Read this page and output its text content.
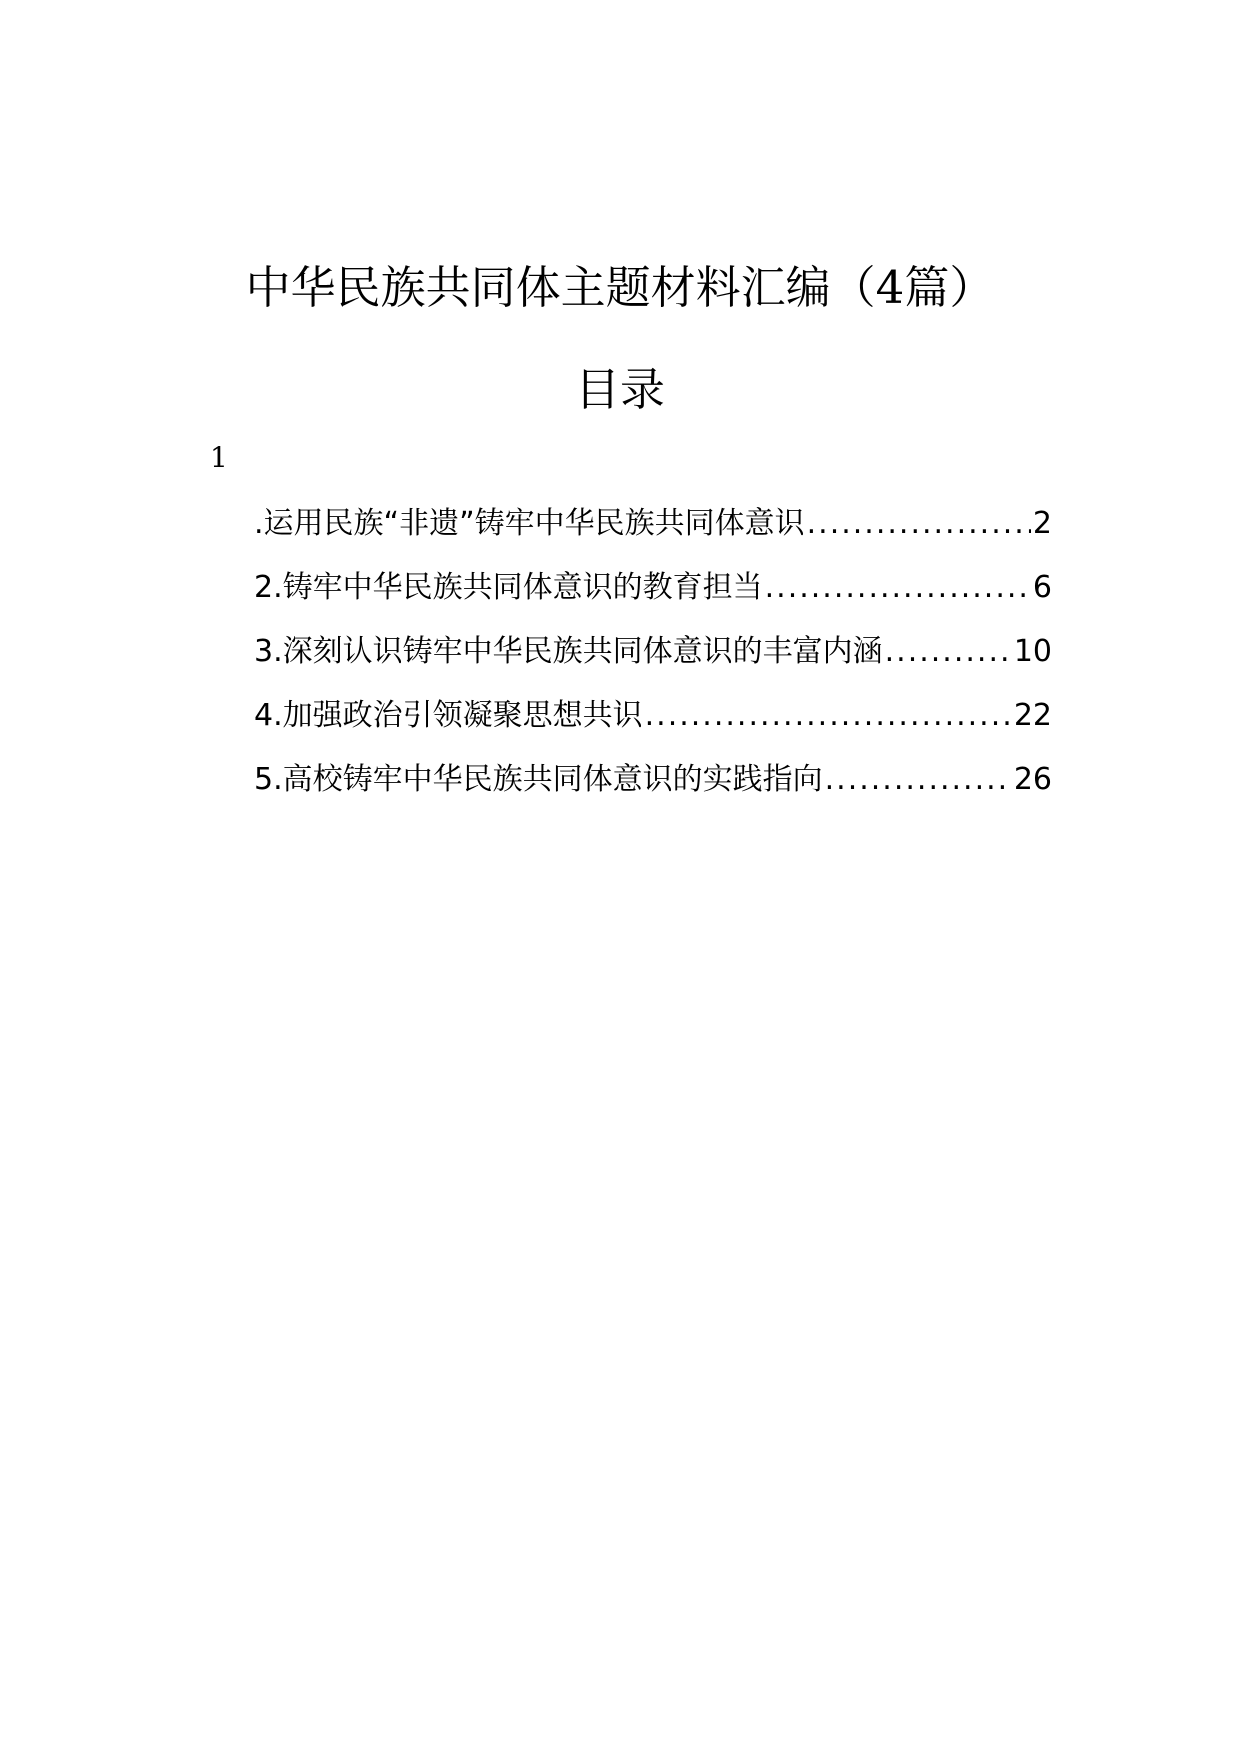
中华民族共同体主题材料汇编（4篇）
目录
1
.运用民族“非遗”铸牢中华民族共同体意识 .....	2
2.铸牢中华民族共同体意识的教育担当 .....	6
3.深刻认识铸牢中华民族共同体意识的丰富内涵 .....	10
4.加强政治引领凝聚思想共识 .....	22
5.高校铸牢中华民族共同体意识的实践指向 .....	26
